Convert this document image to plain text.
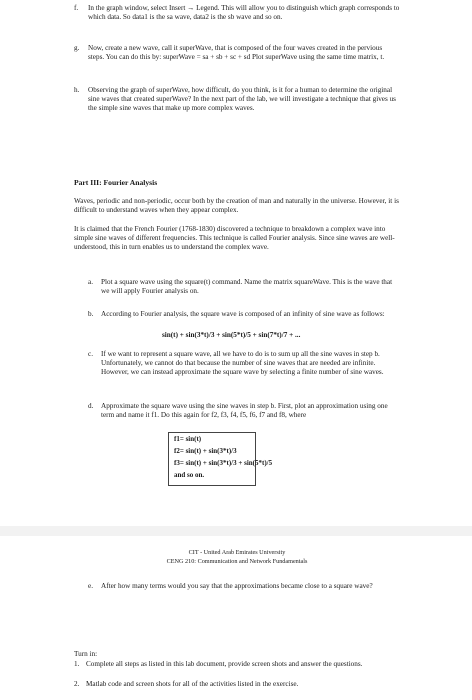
f.	In the graph window, select Insert → Legend. This will allow you to distinguish which graph corresponds to which data. So data1 is the sa wave, data2 is the sb wave and so on.
g.	Now, create a new wave, call it superWave, that is composed of the four waves created in the pervious steps. You can do this by: superWave = sa + sb + sc + sd Plot superWave using the same time matrix, t.
h.	Observing the graph of superWave, how difficult, do you think, is it for a human to determine the original sine waves that created superWave? In the next part of the lab, we will investigate a technique that gives us the simple sine waves that make up more complex waves.
Part III: Fourier Analysis
Waves, periodic and non-periodic, occur both by the creation of man and naturally in the universe. However, it is difficult to understand waves when they appear complex.
It is claimed that the French Fourier (1768-1830) discovered a technique to breakdown a complex wave into simple sine waves of different frequencies. This technique is called Fourier analysis. Since sine waves are well-understood, this in turn enables us to understand the complex wave.
a.	Plot a square wave using the square(t) command. Name the matrix squareWave. This is the wave that we will apply Fourier analysis on.
b.	According to Fourier analysis, the square wave is composed of an infinity of sine wave as follows:
sin(t) + sin(3*t)/3 + sin(5*t)/5 + sin(7*t)/7 + ...
c.	If we want to represent a square wave, all we have to do is to sum up all the sine waves in step b. Unfortunately, we cannot do that because the number of sine waves that are needed are infinite. However, we can instead approximate the square wave by selecting a finite number of sine waves.
d.	Approximate the square wave using the sine waves in step b. First, plot an approximation using one term and name it f1. Do this again for f2, f3, f4, f5, f6, f7 and f8, where
f1= sin(t)
f2= sin(t) + sin(3*t)/3
f3= sin(t) + sin(3*t)/3 + sin(5*t)/5
and so on.
CIT - United Arab Emirates University
CENG 210: Communication and Network Fundamentals
e.	After how many terms would you say that the approximations became close to a square wave?
Turn in:
1. Complete all steps as listed in this lab document, provide screen shots and answer the questions.
2. Matlab code and screen shots for all of the activities listed in the exercise.
